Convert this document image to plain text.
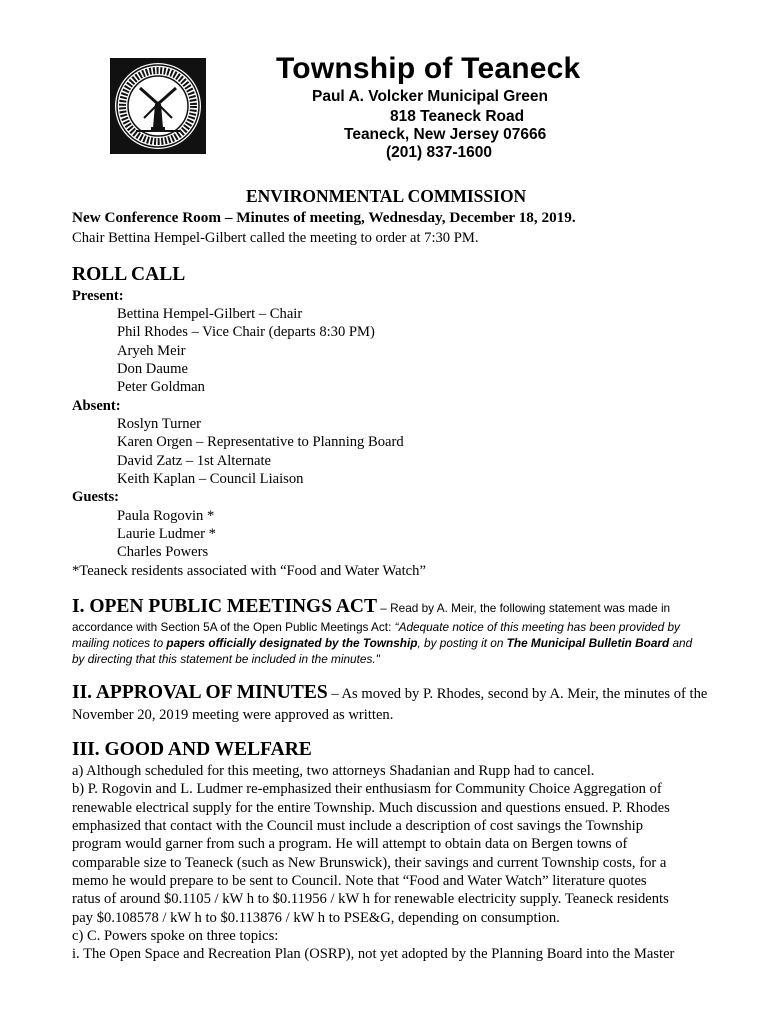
Township of Teaneck
Paul A. Volcker Municipal Green
818 Teaneck Road
Teaneck, New Jersey 07666
(201) 837-1600
ENVIRONMENTAL COMMISSION
New Conference Room – Minutes of meeting, Wednesday, December 18, 2019.
Chair Bettina Hempel-Gilbert called the meeting to order at 7:30 PM.
ROLL CALL
Present:
Bettina Hempel-Gilbert – Chair
Phil Rhodes – Vice Chair (departs 8:30 PM)
Aryeh Meir
Don Daume
Peter Goldman
Absent:
Roslyn Turner
Karen Orgen – Representative to Planning Board
David Zatz – 1st Alternate
Keith Kaplan – Council Liaison
Guests:
Paula Rogovin *
Laurie Ludmer *
Charles Powers
*Teaneck residents associated with “Food and Water Watch”
I. OPEN PUBLIC MEETINGS ACT – Read by A. Meir, the following statement was made in
accordance with Section 5A of the Open Public Meetings Act: “Adequate notice of this meeting has been provided by
mailing notices to papers officially designated by the Township, by posting it on The Municipal Bulletin Board and
by directing that this statement be included in the minutes."
II. APPROVAL OF MINUTES – As moved by P. Rhodes, second by A. Meir, the minutes of the
November 20, 2019 meeting were approved as written.
III. GOOD AND WELFARE
a) Although scheduled for this meeting, two attorneys Shadanian and Rupp had to cancel.
b) P. Rogovin and L. Ludmer re-emphasized their enthusiasm for Community Choice Aggregation of
renewable electrical supply for the entire Township. Much discussion and questions ensued. P. Rhodes
emphasized that contact with the Council must include a description of cost savings the Township
program would garner from such a program. He will attempt to obtain data on Bergen towns of
comparable size to Teaneck (such as New Brunswick), their savings and current Township costs, for a
memo he would prepare to be sent to Council. Note that “Food and Water Watch” literature quotes
ratus of around $0.1105 / kW h to $0.11956 / kW h for renewable electricity supply. Teaneck residents
pay $0.108578 / kW h to $0.113876 / kW h to PSE&G, depending on consumption.
c) C. Powers spoke on three topics:
i. The Open Space and Recreation Plan (OSRP), not yet adopted by the Planning Board into the Master
